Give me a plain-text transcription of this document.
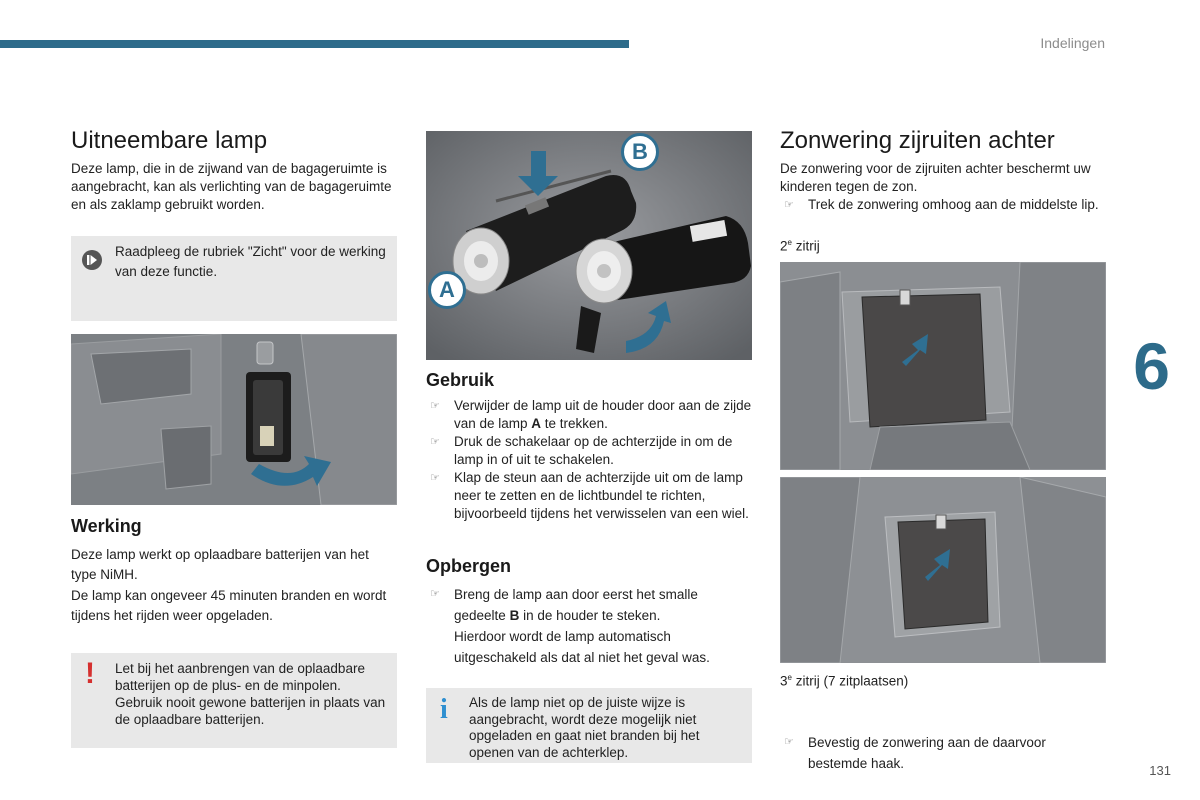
Indelingen
Uitneembare lamp

Deze lamp, die in de zijwand van de bagageruimte is aangebracht, kan als verlichting van de bagageruimte en als zaklamp gebruikt worden.

Raadpleeg de rubriek "Zicht" voor de werking van deze functie.
Werking

Deze lamp werkt op oplaadbare batterijen van het type NiMH.

De lamp kan ongeveer 45 minuten branden en wordt tijdens het rijden weer opgeladen.

! Let bij het aanbrengen van de oplaadbare batterijen op de plus- en de minpolen.
Gebruik nooit gewone batterijen in plaats van de oplaadbare batterijen.
B
A
Gebruik

☞ Verwijder de lamp uit de houder door aan de zijde van de lamp A te trekken.

☞ Druk de schakelaar op de achterzijde in om de lamp in of uit te schakelen.

☞ Klap de steun aan de achterzijde uit om de lamp neer te zetten en de lichtbundel te richten, bijvoorbeeld tijdens het verwisselen van een wiel.

Opbergen

☞ Breng de lamp aan door eerst het smalle gedeelte B in de houder te steken.

Hierdoor wordt de lamp automatisch uitgeschakeld als dat al niet het geval was.

i Als de lamp niet op de juiste wijze is aangebracht, wordt deze mogelijk niet opgeladen en gaat niet branden bij het openen van de achterklep.
Zonwering zijruiten achter

De zonwering voor de zijruiten achter beschermt uw kinderen tegen de zon.

☞ Trek de zonwering omhoog aan de middelste lip.

2e zitrij

3e zitrij (7 zitplaatsen)

☞ Bevestig de zonwering aan de daarvoor bestemde haak.

6
131
